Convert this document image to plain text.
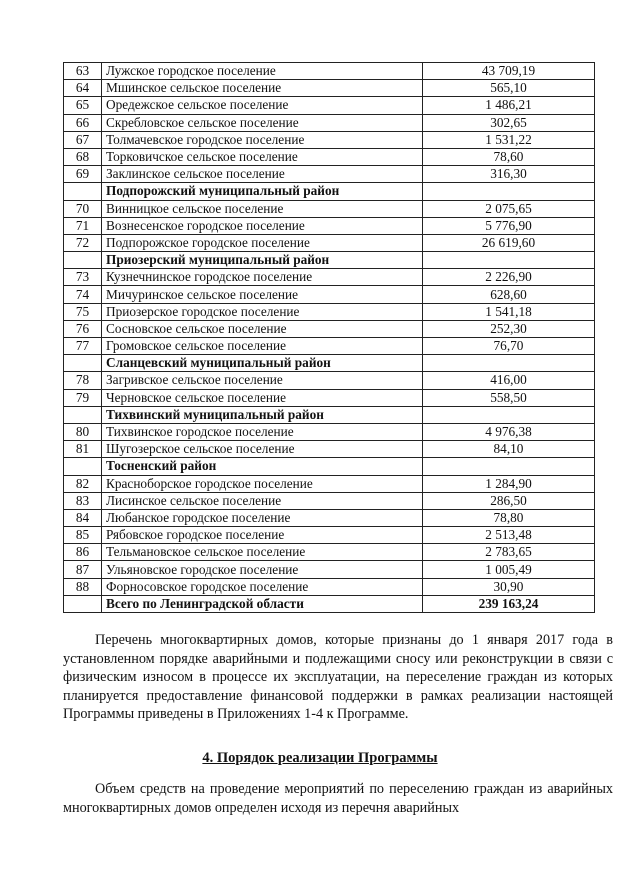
63	Лужское городское поселение	43 709,19
64	Мшинское сельское поселение	565,10
65	Оредежское сельское поселение	1 486,21
66	Скребловское сельское поселение	302,65
67	Толмачевское городское поселение	1 531,22
68	Торковичское сельское поселение	78,60
69	Заклинское сельское поселение	316,30
	Подпорожский муниципальный район	
70	Винницкое сельское поселение	2 075,65
71	Вознесенское городское поселение	5 776,90
72	Подпорожское городское поселение	26 619,60
	Приозерский муниципальный район	
73	Кузнечнинское городское поселение	2 226,90
74	Мичуринское сельское поселение	628,60
75	Приозерское городское поселение	1 541,18
76	Сосновское сельское поселение	252,30
77	Громовское сельское поселение	76,70
	Сланцевский муниципальный район	
78	Загривское сельское поселение	416,00
79	Черновское сельское поселение	558,50
	Тихвинский муниципальный район	
80	Тихвинское городское поселение	4 976,38
81	Шугозерское сельское поселение	84,10
	Тосненский район	
82	Красноборское городское поселение	1 284,90
83	Лисинское сельское поселение	286,50
84	Любанское городское поселение	78,80
85	Рябовское городское поселение	2 513,48
86	Тельмановское сельское поселение	2 783,65
87	Ульяновское городское поселение	1 005,49
88	Форносовское городское поселение	30,90
	Всего по Ленинградской области	239 163,24

Перечень многоквартирных домов, которые признаны до 1 января 2017 года в установленном порядке аварийными и подлежащими сносу или реконструкции в связи с физическим износом в процессе их эксплуатации, на переселение граждан из которых планируется предоставление финансовой поддержки в рамках реализации настоящей Программы приведены в Приложениях 1-4 к Программе.

4. Порядок реализации Программы

Объем средств на проведение мероприятий по переселению граждан из аварийных многоквартирных домов определен исходя из перечня аварийных
